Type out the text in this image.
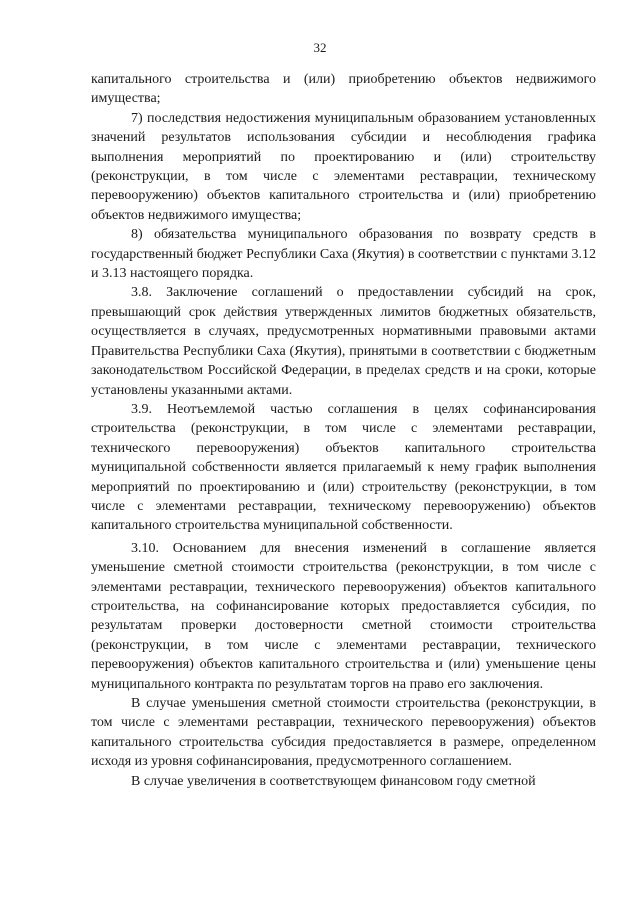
32

капитального строительства и (или) приобретению объектов недвижимого имущества;

7) последствия недостижения муниципальным образованием установленных значений результатов использования субсидии и несоблюдения графика выполнения мероприятий по проектированию и (или) строительству (реконструкции, в том числе с элементами реставрации, техническому перевооружению) объектов капитального строительства и (или) приобретению объектов недвижимого имущества;

8) обязательства муниципального образования по возврату средств в государственный бюджет Республики Саха (Якутия) в соответствии с пунктами 3.12 и 3.13 настоящего порядка.

3.8. Заключение соглашений о предоставлении субсидий на срок, превышающий срок действия утвержденных лимитов бюджетных обязательств, осуществляется в случаях, предусмотренных нормативными правовыми актами Правительства Республики Саха (Якутия), принятыми в соответствии с бюджетным законодательством Российской Федерации, в пределах средств и на сроки, которые установлены указанными актами.

3.9. Неотъемлемой частью соглашения в целях софинансирования строительства (реконструкции, в том числе с элементами реставрации, технического перевооружения) объектов капитального строительства муниципальной собственности является прилагаемый к нему график выполнения мероприятий по проектированию и (или) строительству (реконструкции, в том числе с элементами реставрации, техническому перевооружению) объектов капитального строительства муниципальной собственности.

3.10. Основанием для внесения изменений в соглашение является уменьшение сметной стоимости строительства (реконструкции, в том числе с элементами реставрации, технического перевооружения) объектов капитального строительства, на софинансирование которых предоставляется субсидия, по результатам проверки достоверности сметной стоимости строительства (реконструкции, в том числе с элементами реставрации, технического перевооружения) объектов капитального строительства и (или) уменьшение цены муниципального контракта по результатам торгов на право его заключения.

В случае уменьшения сметной стоимости строительства (реконструкции, в том числе с элементами реставрации, технического перевооружения) объектов капитального строительства субсидия предоставляется в размере, определенном исходя из уровня софинансирования, предусмотренного соглашением.

В случае увеличения в соответствующем финансовом году сметной
